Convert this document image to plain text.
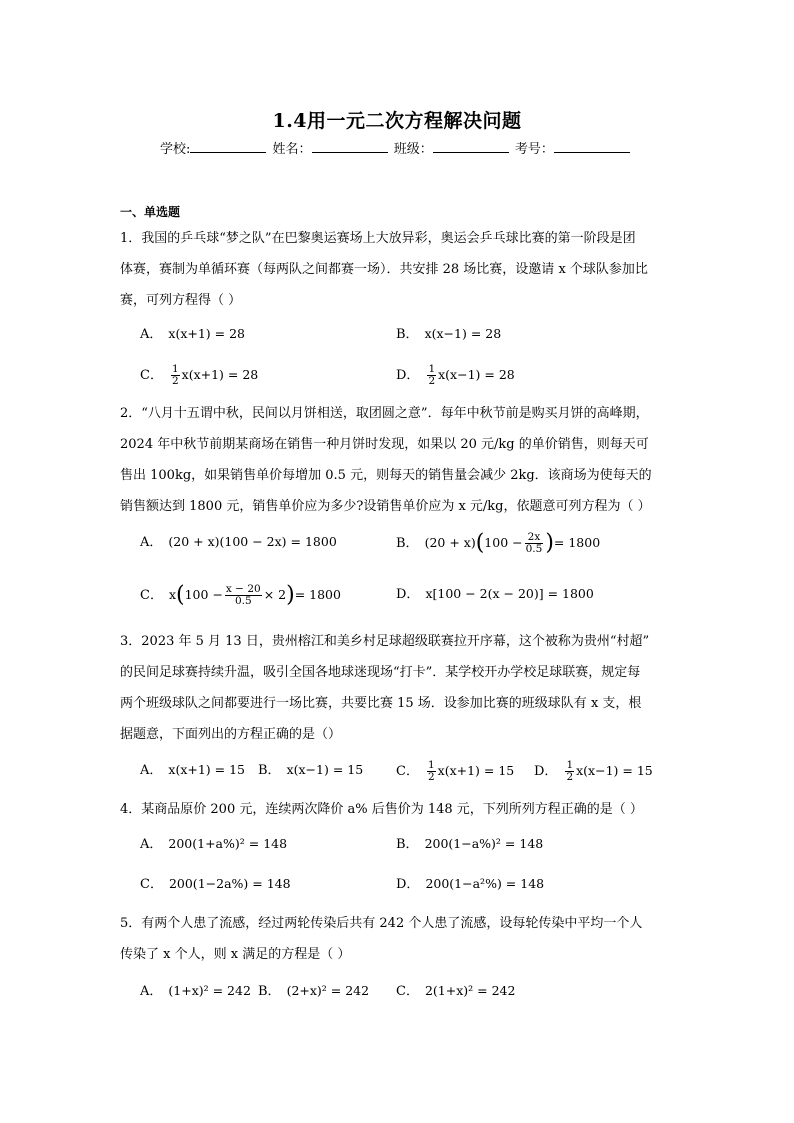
1.4用一元二次方程解决问题
学校:	姓名：	班级：	考号：
一、单选题
1．我国的乒乓球“梦之队”在巴黎奥运赛场上大放异彩，奥运会乒乓球比赛的第一阶段是团
体赛，赛制为单循环赛（每两队之间都赛一场）．共安排 28 场比赛，设邀请 x 个球队参加比
赛，可列方程得（ ）
A． x(x+1) = 28	B． x(x−1) = 28
C． $\frac{1}{2} x(x+1) = 28$	D． $\frac{1}{2} x(x-1) = 28$
2．“八月十五谓中秋，民间以月饼相送，取团圆之意”．每年中秋节前是购买月饼的高峰期，
2024 年中秋节前期某商场在销售一种月饼时发现，如果以 20 元/kg 的单价销售，则每天可
售出 100kg，如果销售单价每增加 0.5 元，则每天的销售量会减少 2kg．该商场为使每天的
销售额达到 1800 元，销售单价应为多少?设销售单价应为 x 元/kg，依题意可列方程为（ ）
A． (20 + x)(100 − 2x) = 1800	B． $(20 + x)(100 - \frac{2x}{0.5}$ )= 1800
C． $x(100 - \frac{x - 20}{0.5} \times 2)= 1800$	D． x[100 − 2(x − 20)] = 1800
3．2023 年 5 月 13 日，贵州榕江和美乡村足球超级联赛拉开序幕，这个被称为贵州“村超”
的民间足球赛持续升温，吸引全国各地球迷现场“打卡”．某学校开办学校足球联赛，规定每
两个班级球队之间都要进行一场比赛，共要比赛 15 场．设参加比赛的班级球队有 x 支，根
据题意，下面列出的方程正确的是（）
A． x(x+1) = 15 B． x(x−1) = 15	C． $\frac{1}{2} x(x+1) = 15$ D． $\frac{1}{2} x(x-1) = 15$
4．某商品原价 200 元，连续两次降价 a% 后售价为 148 元，下列所列方程正确的是（ ）
A． 200(1+a%)² = 148	B． 200(1−a%)² = 148
C． 200(1−2a%) = 148	D． 200(1−a²%) = 148
5．有两个人患了流感，经过两轮传染后共有 242 个人患了流感，设每轮传染中平均一个人
传染了 x 个人，则 x 满足的方程是（ ）
A． (1+x)² = 242 B． (2+x)² = 242 C． 2(1+x)² = 242
